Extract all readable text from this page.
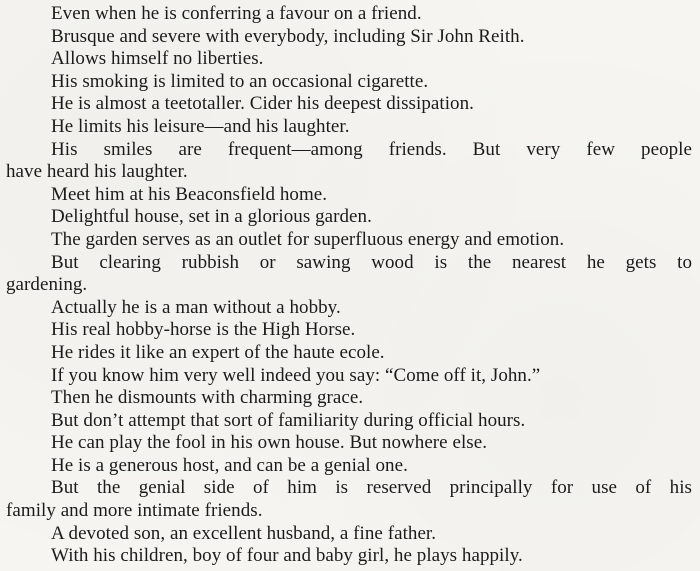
Even when he is conferring a favour on a friend.
Brusque and severe with everybody, including Sir John Reith.
Allows himself no liberties.
His smoking is limited to an occasional cigarette.
He is almost a teetotaller. Cider his deepest dissipation.
He limits his leisure—and his laughter.
His smiles are frequent—among friends. But very few people
have heard his laughter.
Meet him at his Beaconsfield home.
Delightful house, set in a glorious garden.
The garden serves as an outlet for superfluous energy and emotion.
But clearing rubbish or sawing wood is the nearest he gets to
gardening.
Actually he is a man without a hobby.
His real hobby-horse is the High Horse.
He rides it like an expert of the haute ecole.
If you know him very well indeed you say: “Come off it, John.”
Then he dismounts with charming grace.
But don’t attempt that sort of familiarity during official hours.
He can play the fool in his own house. But nowhere else.
He is a generous host, and can be a genial one.
But the genial side of him is reserved principally for use of his
family and more intimate friends.
A devoted son, an excellent husband, a fine father.
With his children, boy of four and baby girl, he plays happily.
